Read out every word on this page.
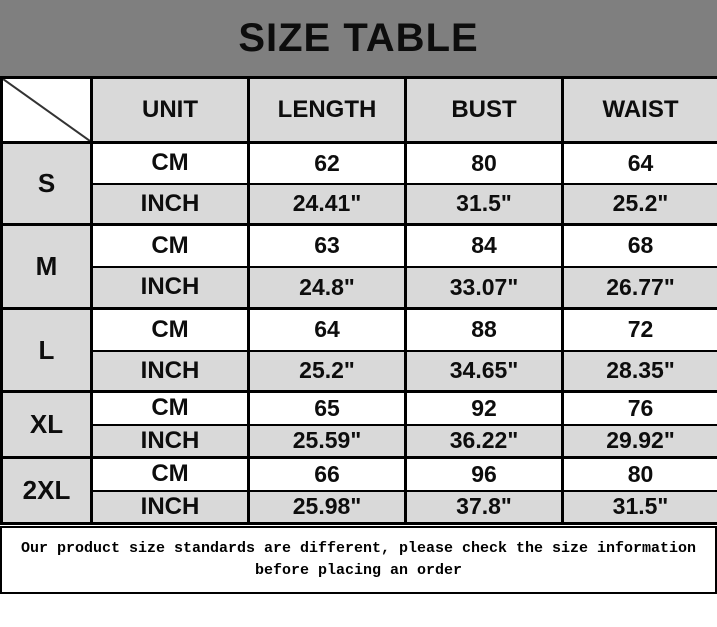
SIZE TABLE
	UNIT	LENGTH	BUST	WAIST
S	CM	62	80	64
	INCH	24.41"	31.5"	25.2"
M	CM	63	84	68
	INCH	24.8"	33.07"	26.77"
L	CM	64	88	72
	INCH	25.2"	34.65"	28.35"
XL	CM	65	92	76
	INCH	25.59"	36.22"	29.92"
2XL	CM	66	96	80
	INCH	25.98"	37.8"	31.5"
Our product size standards are different, please check the size information
before placing an order
